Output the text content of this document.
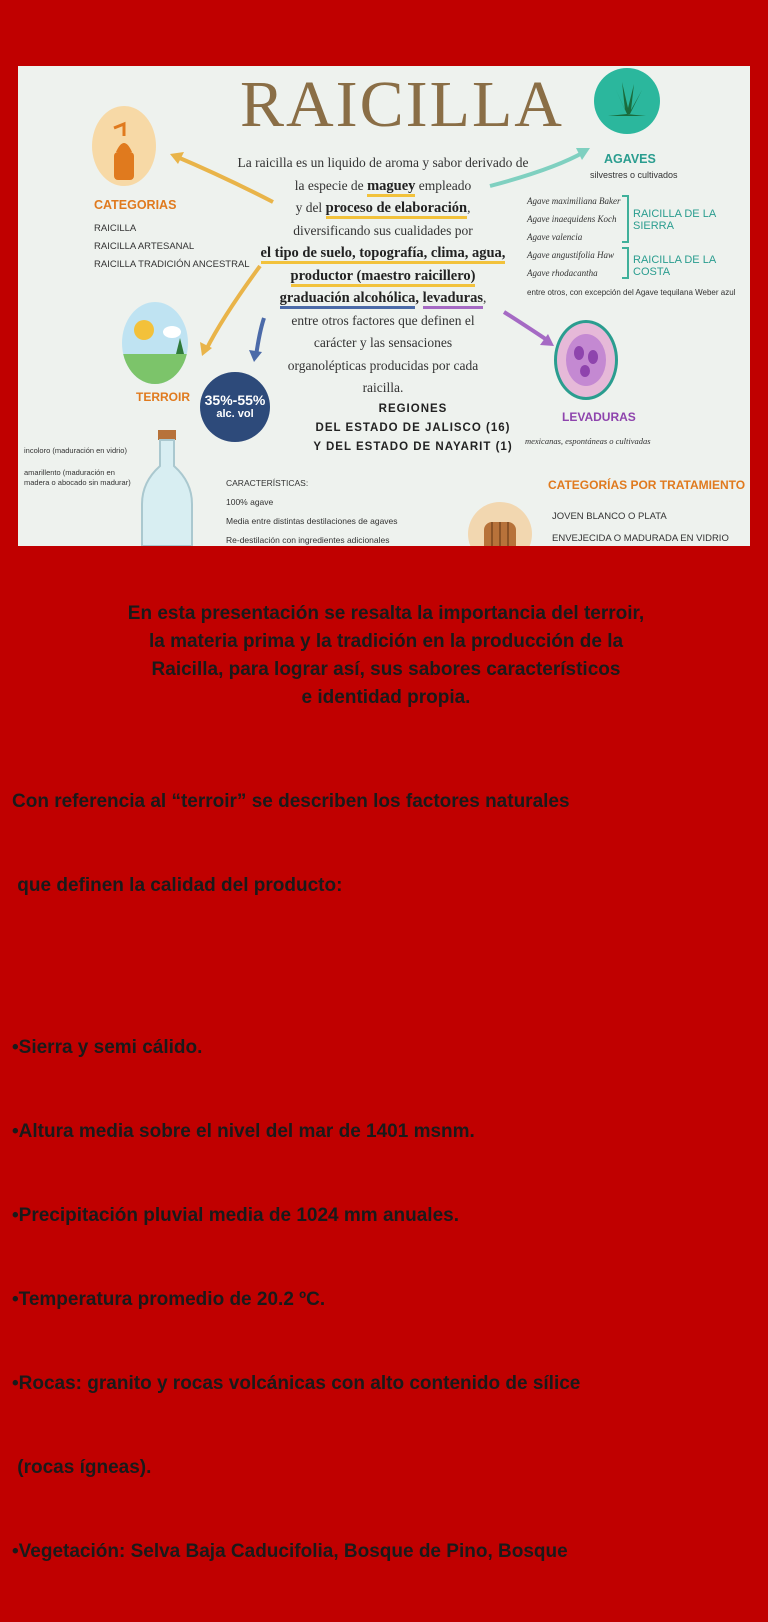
RAICILLA
La raicilla es un liquido de aroma y sabor derivado de
la especie de maguey empleado
y del proceso de elaboración,
diversificando sus cualidades por
el tipo de suelo, topografía, clima, agua,
productor (maestro raicillero)
graduación alcohólica, levaduras,
entre otros factores que definen el
carácter y las sensaciones
organolépticas producidas por cada
raicilla.
CATEGORIAS
RAICILLA
RAICILLA ARTESANAL
RAICILLA TRADICIÓN ANCESTRAL
AGAVES
silvestres o cultivados
Agave maximiliana Baker
Agave inaequidens Koch
Agave valencia
Agave angustifolia Haw
Agave rhodacantha
RAICILLA DE LA SIERRA
RAICILLA DE LA COSTA
entre otros, con excepción del Agave tequilana Weber azul
TERROIR	35%-55%
alc. vol	REGIONES
DEL ESTADO DE JALISCO (16)
Y DEL ESTADO DE NAYARIT (1)
LEVADURAS
mexicanas, espontáneas o cultivadas
incoloro (maduración en vidrio)
amarillento (maduración en madera o abocado sin madurar)	CARACTERÍSTICAS:
100% agave
Media entre distintas destilaciones de agaves
Re-destilación con ingredientes adicionales
CATEGORÍAS POR TRATAMIENTO
JOVEN BLANCO O PLATA
ENVEJECIDA O MADURADA EN VIDRIO
En esta presentación se resalta la importancia del terroir,
la materia prima y la tradición en la producción de la
Raicilla, para lograr así, sus sabores característicos
e identidad propia.

Con referencia al “terroir” se describen los factores naturales

que definen la calidad del producto:

•Sierra y semi cálido.

•Altura media sobre el nivel del mar de 1401 msnm.

•Precipitación pluvial media de 1024 mm anuales.

•Temperatura promedio de 20.2 ºC.

•Rocas: granito y rocas volcánicas con alto contenido de sílice

(rocas ígneas).

•Vegetación: Selva Baja Caducifolia, Bosque de Pino, Bosque
